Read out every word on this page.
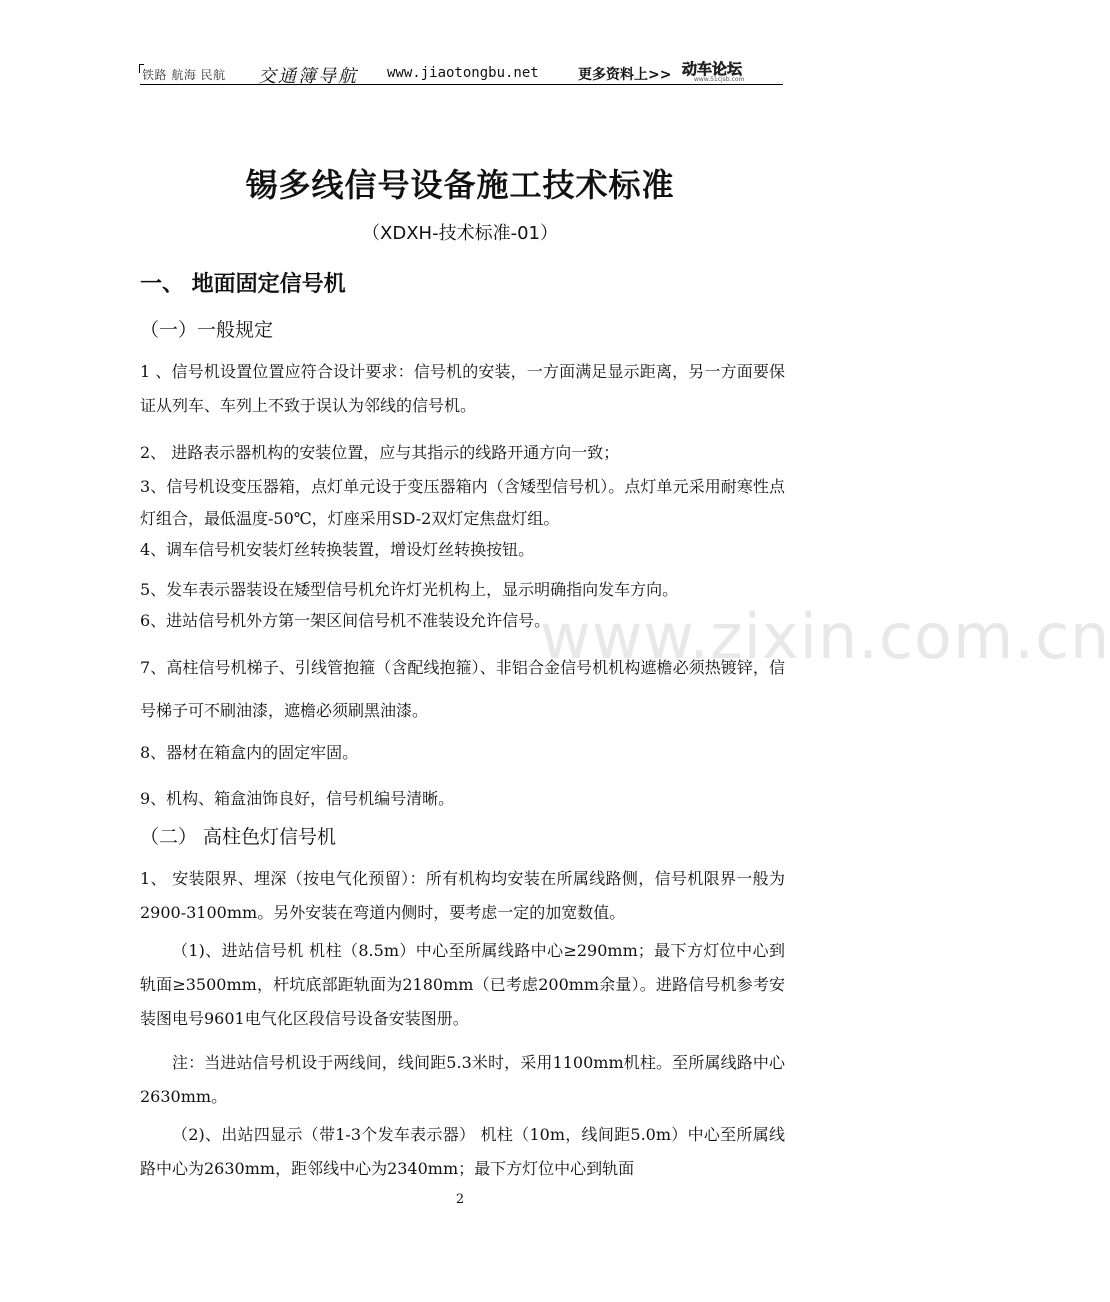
铁路 航海 民航 交通簿导航 www.jiaotongbu.net	更多资料上>> 动车论坛
www.51cjsb.com
www.zixin.com.cn
锡多线信号设备施工技术标准
（XDXH-技术标准-01）
一、 地面固定信号机
（一）一般规定
1 、信号机设置位置应符合设计要求：信号机的安装，一方面满足显示距离，另一方面要保证从列车、车列上不致于误认为邻线的信号机。
2、 进路表示器机构的安装位置，应与其指示的线路开通方向一致；
3、信号机设变压器箱，点灯单元设于变压器箱内（含矮型信号机）。点灯单元采用耐寒性点灯组合，最低温度-50℃，灯座采用SD-2双灯定焦盘灯组。
4、调车信号机安装灯丝转换装置，增设灯丝转换按钮。
5、发车表示器装设在矮型信号机允许灯光机构上，显示明确指向发车方向。
6、进站信号机外方第一架区间信号机不准装设允许信号。
7、高柱信号机梯子、引线管抱箍（含配线抱箍）、非铝合金信号机机构遮檐必须热镀锌，信号梯子可不刷油漆，遮檐必须刷黑油漆。
8、器材在箱盒内的固定牢固。
9、机构、箱盒油饰良好，信号机编号清晰。
（二） 高柱色灯信号机
1、 安装限界、埋深（按电气化预留）：所有机构均安装在所属线路侧，信号机限界一般为2900-3100mm。另外安装在弯道内侧时，要考虑一定的加宽数值。
（1)、进站信号机 机柱（8.5m）中心至所属线路中心≥290mm；最下方灯位中心到轨面≥3500mm，杆坑底部距轨面为2180mm（已考虑200mm余量）。进路信号机参考安装图电号9601电气化区段信号设备安装图册。
注：当进站信号机设于两线间，线间距5.3米时，采用1100mm机柱。至所属线路中心2630mm。
（2)、出站四显示（带1-3个发车表示器） 机柱（10m，线间距5.0m）中心至所属线路中心为2630mm，距邻线中心为2340mm；最下方灯位中心到轨面
2
